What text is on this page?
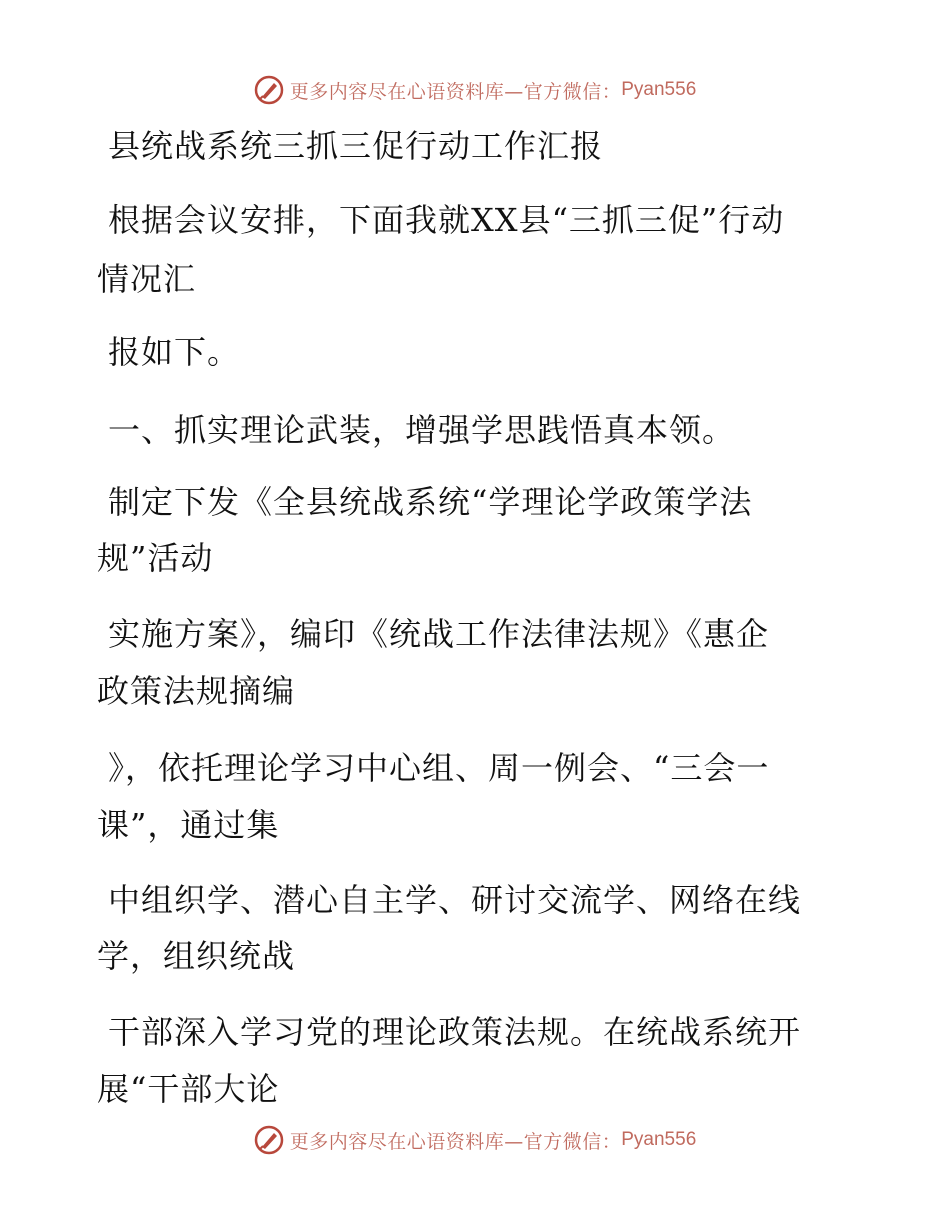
更多内容尽在心语资料库—官方微信： Pyan556
县统战系统三抓三促行动工作汇报
根据会议安排，下面我就XX县“三抓三促”行动
情况汇
报如下。
一、抓实理论武装，增强学思践悟真本领。
制定下发《全县统战系统“学理论学政策学法
规”活动
实施方案》，编印《统战工作法律法规》《惠企
政策法规摘编
》，依托理论学习中心组、周一例会、“三会一
课”，通过集
中组织学、潜心自主学、研讨交流学、网络在线
学，组织统战
干部深入学习党的理论政策法规。在统战系统开
展“干部大论
更多内容尽在心语资料库—官方微信： Pyan556
